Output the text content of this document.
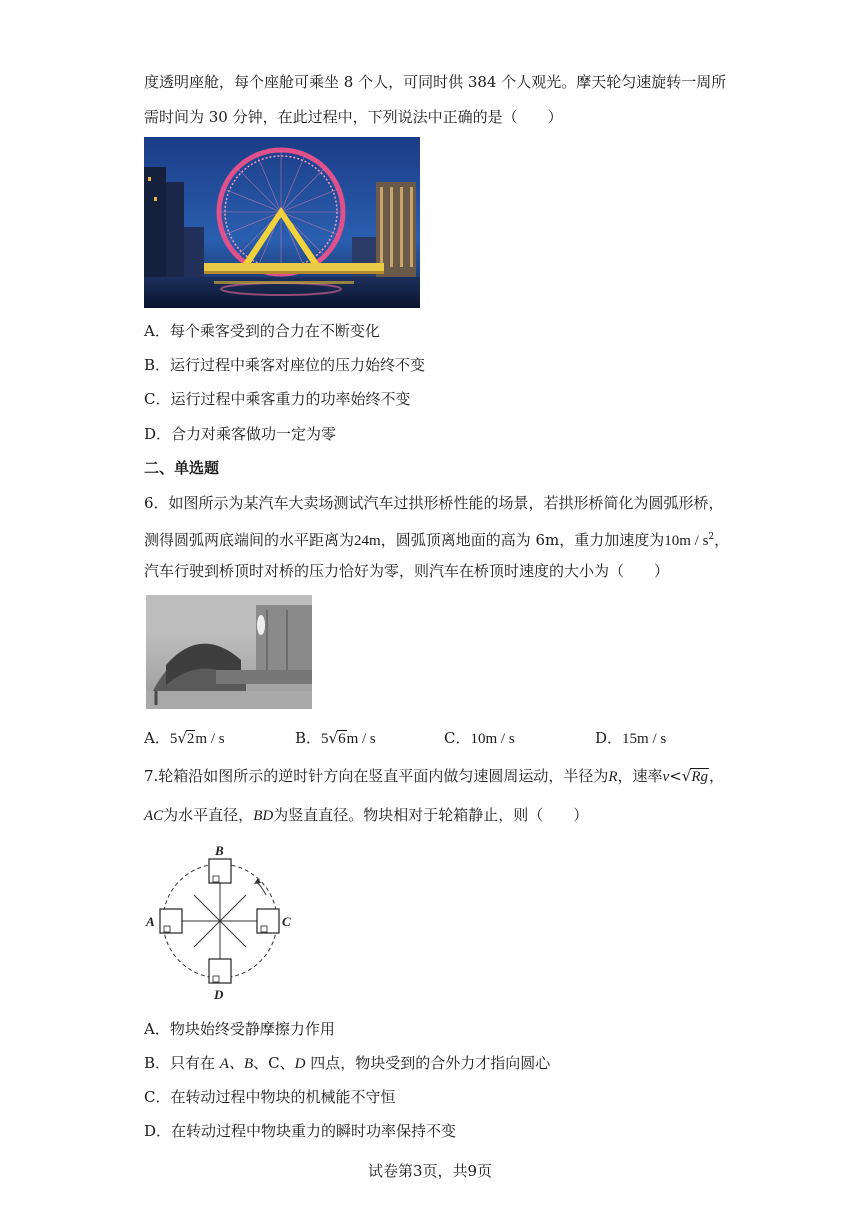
度透明座舱，每个座舱可乘坐 8 个人，可同时供 384 个人观光。摩天轮匀速旋转一周所
需时间为 30 分钟，在此过程中，下列说法中正确的是（　　）
A．每个乘客受到的合力在不断变化
B．运行过程中乘客对座位的压力始终不变
C．运行过程中乘客重力的功率始终不变
D．合力对乘客做功一定为零
二、单选题
6．如图所示为某汽车大卖场测试汽车过拱形桥性能的场景，若拱形桥简化为圆弧形桥，
测得圆弧两底端间的水平距离为24m，圆弧顶离地面的高为 6m，重力加速度为$10m / s^2$，
汽车行驶到桥顶时对桥的压力恰好为零，则汽车在桥顶时速度的大小为（　　）
A．5√2m / s	B．5√6m / s	C．10m / s	D．15m / s
7.轮箱沿如图所示的逆时针方向在竖直平面内做匀速圆周运动，半径为R，速率v<√Rg，
AC为水平直径，BD为竖直直径。物块相对于轮箱静止，则（　　）
B
A	C
D
A．物块始终受静摩擦力作用
B．只有在 A、B、C、D 四点，物块受到的合外力才指向圆心
C．在转动过程中物块的机械能不守恒
D．在转动过程中物块重力的瞬时功率保持不变
试卷第3页，共9页
